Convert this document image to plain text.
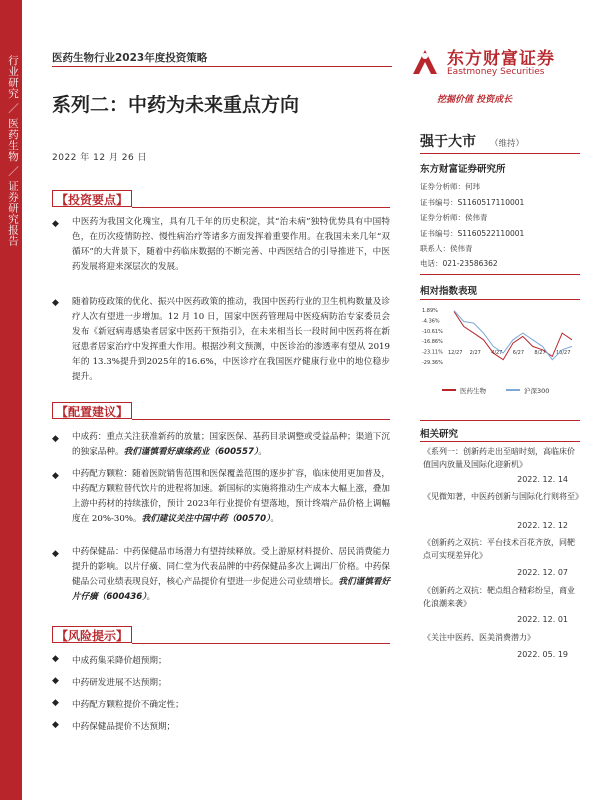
行业研究 ／ 医药生物 ／ 证券研究报告	医药生物行业2023年度投资策略	东方财富证券
Eastmoney Securities
挖掘价值 投资成长
系列二：中药为未来重点方向
2022 年 12 月 26 日
强于大市 （维持）
东方财富证券研究所
证券分析师：何玮
证书编号：S1160517110001
证券分析师：侯伟青
证书编号：S1160522110001
联系人：侯伟青
电话：021-23586362
相对指数表现
1.89%
-4.36%
-10.61%
-16.86%
-23.11%
-29.36%
12/27 2/27 4/27 6/27 8/27 10/27
医药生物	沪深300
相关研究
《系列一：创新药走出至暗时刻，高临床价值国内放量及国际化迎新机》
2022. 12. 14
《见微知著，中医药创新与国际化行则将至》
2022. 12. 12
《创新药之双抗：平台技术百花齐放，同靶点可实现差异化》
2022. 12. 07
《创新药之双抗：靶点组合精彩纷呈，商业化浪潮来袭》
2022. 12. 01
《关注中医药、医美消费潜力》
2022. 05. 19
【投资要点】
◆	中医药为我国文化瑰宝，具有几千年的历史积淀，其“治未病”独特优势具有中国特色，在历次疫情防控、慢性病治疗等诸多方面发挥着重要作用。在我国未来几年“双循环”的大背景下，随着中药临床数据的不断完善、中西医结合的引导推进下，中医药发展将迎来深层次的发展。
◆	随着防疫政策的优化、振兴中医药政策的推动，我国中医药行业的卫生机构数量及诊疗人次有望进一步增加。12 月 10 日，国家中医药管理局中医疫病防治专家委员会发布《新冠病毒感染者居家中医药干预指引》，在未来相当长一段时间中医药将在新冠患者居家治疗中发挥重大作用。根据沙利文预测，中医诊治的渗透率有望从 2019 年的 13.3%提升到2025年的16.6%，中医诊疗在我国医疗健康行业中的地位稳步提升。
【配置建议】
◆	中成药：重点关注获准新药的放量；国家医保、基药目录调整或受益品种；渠道下沉的独家品种。我们谨慎看好康缘药业（600557）。
◆	中药配方颗粒：随着医院销售范围和医保覆盖范围的逐步扩容，临床使用更加普及，中药配方颗粒替代饮片的进程将加速。新国标的实施将推动生产成本大幅上涨，叠加上游中药材的持续涨价，预计 2023年行业提价有望落地，预计终端产品价格上调幅度在 20%-30%。我们建议关注中国中药（00570）。
◆	中药保健品：中药保健品市场潜力有望持续释放。受上游原材料提价、居民消费能力提升的影响。以片仔癀、同仁堂为代表品牌的中药保健品多次上调出厂价格。中药保健品公司业绩表现良好，核心产品提价有望进一步促进公司业绩增长。我们谨慎看好片仔癀（600436）。
【风险提示】
◆	中成药集采降价超预期；
◆	中药研发进展不达预期；
◆	中药配方颗粒提价不确定性；
◆	中药保健品提价不达预期；
